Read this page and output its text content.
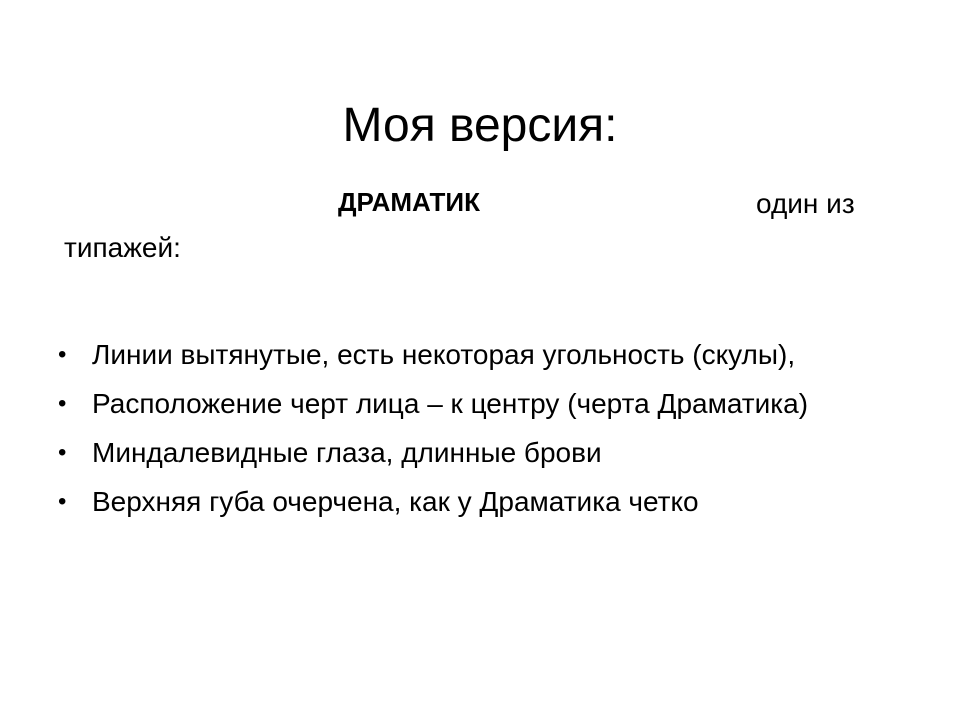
Моя версия:
ДРАМАТИК	один из
типажей:
• Линии вытянутые, есть некоторая угольность (скулы),
• Расположение черт лица – к центру (черта Драматика)
• Миндалевидные глаза, длинные брови
• Верхняя губа очерчена, как у Драматика четко
